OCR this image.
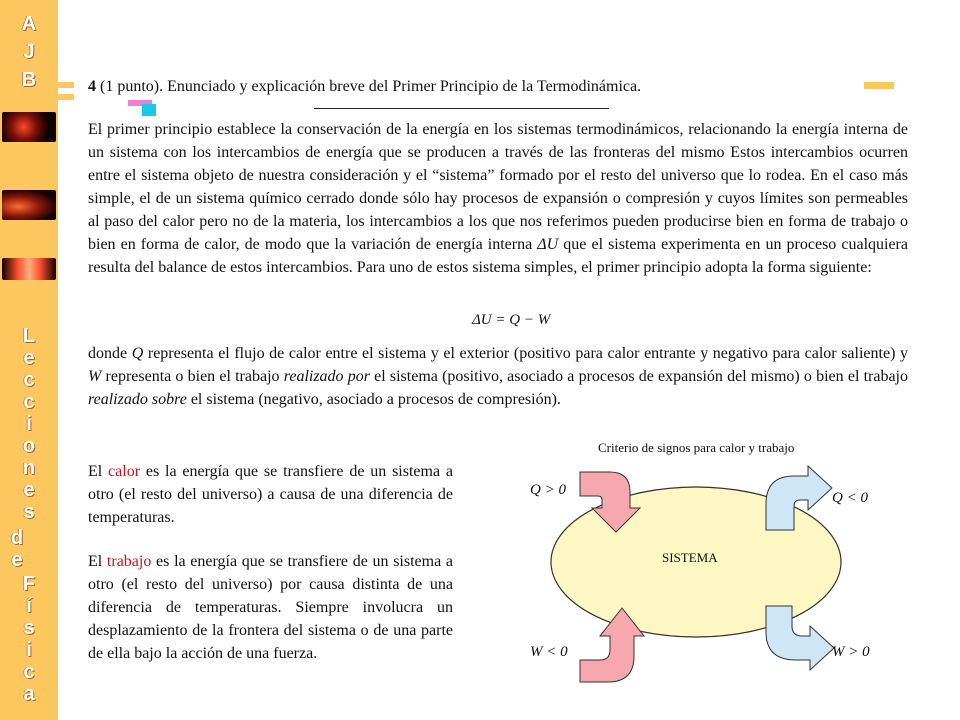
A
J
B
L
e
c
c
i
o
n
e
s
d
e
F
í
s
i
c
a
4 (1 punto). Enunciado y explicación breve del Primer Principio de la Termodinámica.

El primer principio establece la conservación de la energía en los sistemas termodinámicos, relacionando la energía interna de un sistema con los intercambios de energía que se producen a través de las fronteras del mismo Estos intercambios ocurren entre el sistema objeto de nuestra consideración y el “sistema” formado por el resto del universo que lo rodea. En el caso más simple, el de un sistema químico cerrado donde sólo hay procesos de expansión o compresión y cuyos límites son permeables al paso del calor pero no de la materia, los intercambios a los que nos referimos pueden producirse bien en forma de trabajo o bien en forma de calor, de modo que la variación de energía interna ΔU que el sistema experimenta en un proceso cualquiera resulta del balance de estos intercambios. Para uno de estos sistema simples, el primer principio adopta la forma siguiente:

ΔU = Q − W

donde Q representa el flujo de calor entre el sistema y el exterior (positivo para calor entrante y negativo para calor saliente) y W representa o bien el trabajo realizado por el sistema (positivo, asociado a procesos de expansión del mismo) o bien el trabajo realizado sobre el sistema (negativo, asociado a procesos de compresión).

El calor es la energía que se transfiere de un sistema a otro (el resto del universo) a causa de una diferencia de temperaturas.

El trabajo es la energía que se transfiere de un sistema a otro (el resto del universo) por causa distinta de una diferencia de temperaturas. Siempre involucra un desplazamiento de la frontera del sistema o de una parte de ella bajo la acción de una fuerza.

Criterio de signos para calor y trabajo
SISTEMA
Q > 0	Q < 0
W < 0	W > 0
